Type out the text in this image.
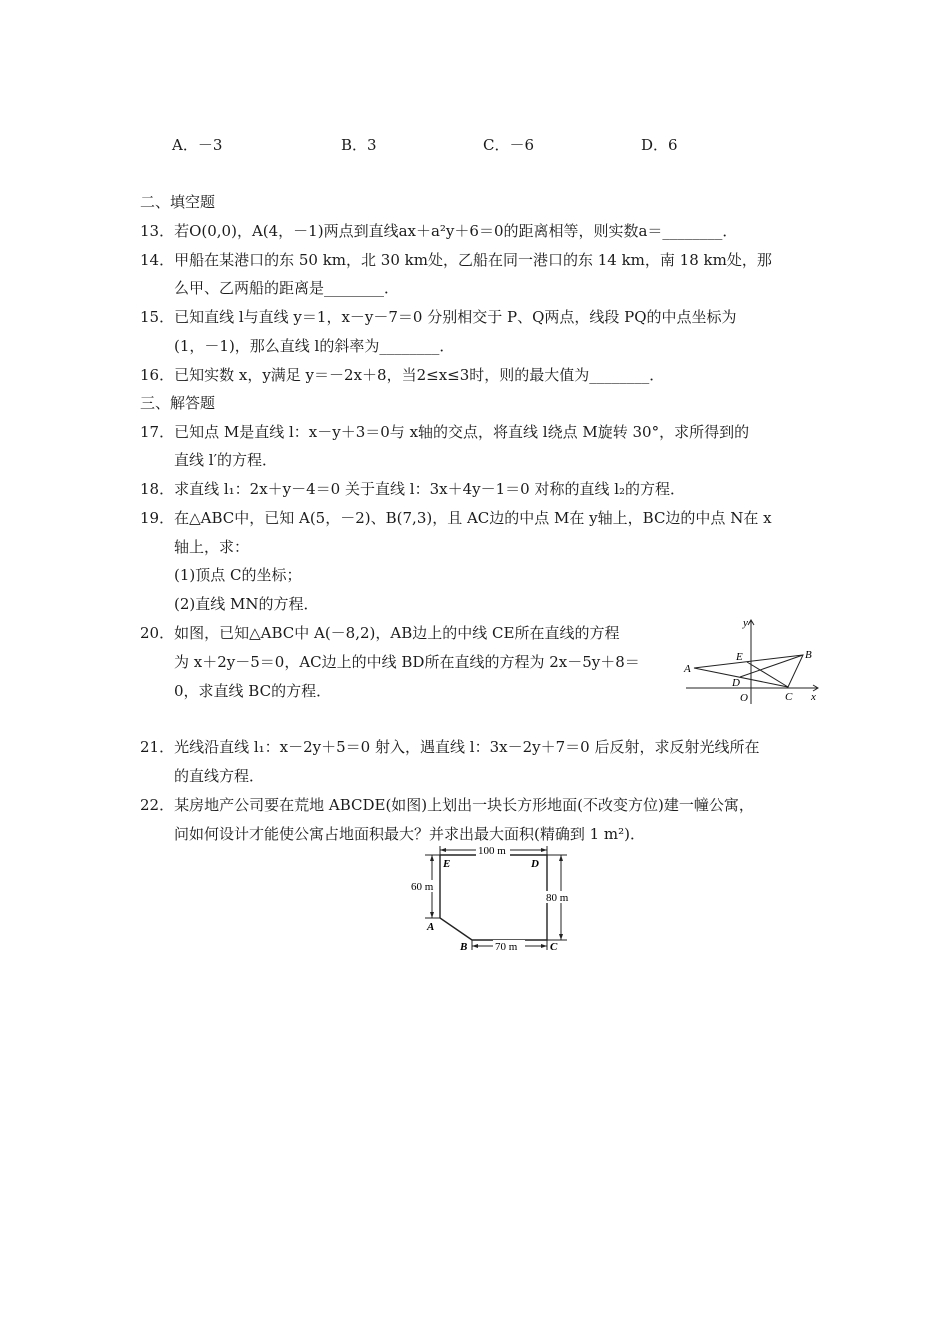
A．－3	B．3	C．－6	D．6
二、填空题
13．若O(0,0)，A(4，－1)两点到直线ax＋a²y＋6＝0的距离相等，则实数a＝________．
14．甲船在某港口的东 50 km，北 30 km处，乙船在同一港口的东 14 km，南 18 km处，那
么甲、乙两船的距离是________．
15．已知直线 l与直线 y＝1，x－y－7＝0 分别相交于 P、Q两点，线段 PQ的中点坐标为
(1，－1)，那么直线 l的斜率为________．
16．已知实数 x，y满足 y＝－2x＋8，当2≤x≤3时，则的最大值为________．
三、解答题
17．已知点 M是直线 l：x－y＋3＝0与 x轴的交点，将直线 l绕点 M旋转 30°，求所得到的
直线 l′的方程．
18．求直线 l₁：2x＋y－4＝0 关于直线 l：3x＋4y－1＝0 对称的直线 l₂的方程．
19．在△ABC中，已知 A(5，－2)、B(7,3)，且 AC边的中点 M在 y轴上，BC边的中点 N在 x
轴上，求：
(1)顶点 C的坐标；
(2)直线 MN的方程．
20．如图，已知△ABC中 A(－8,2)，AB边上的中线 CE所在直线的方程
为 x＋2y－5＝0，AC边上的中线 BD所在直线的方程为 2x－5y＋8＝
0，求直线 BC的方程．
y
x
A
B
C
D
E
O
21．光线沿直线 l₁：x－2y＋5＝0 射入，遇直线 l：3x－2y＋7＝0 后反射，求反射光线所在
的直线方程．
22．某房地产公司要在荒地 ABCDE(如图)上划出一块长方形地面(不改变方位)建一幢公寓，
问如何设计才能使公寓占地面积最大？并求出最大面积(精确到 1 m²)．
100 m
60 m
80 m
70 m
E	D
A
B	C
